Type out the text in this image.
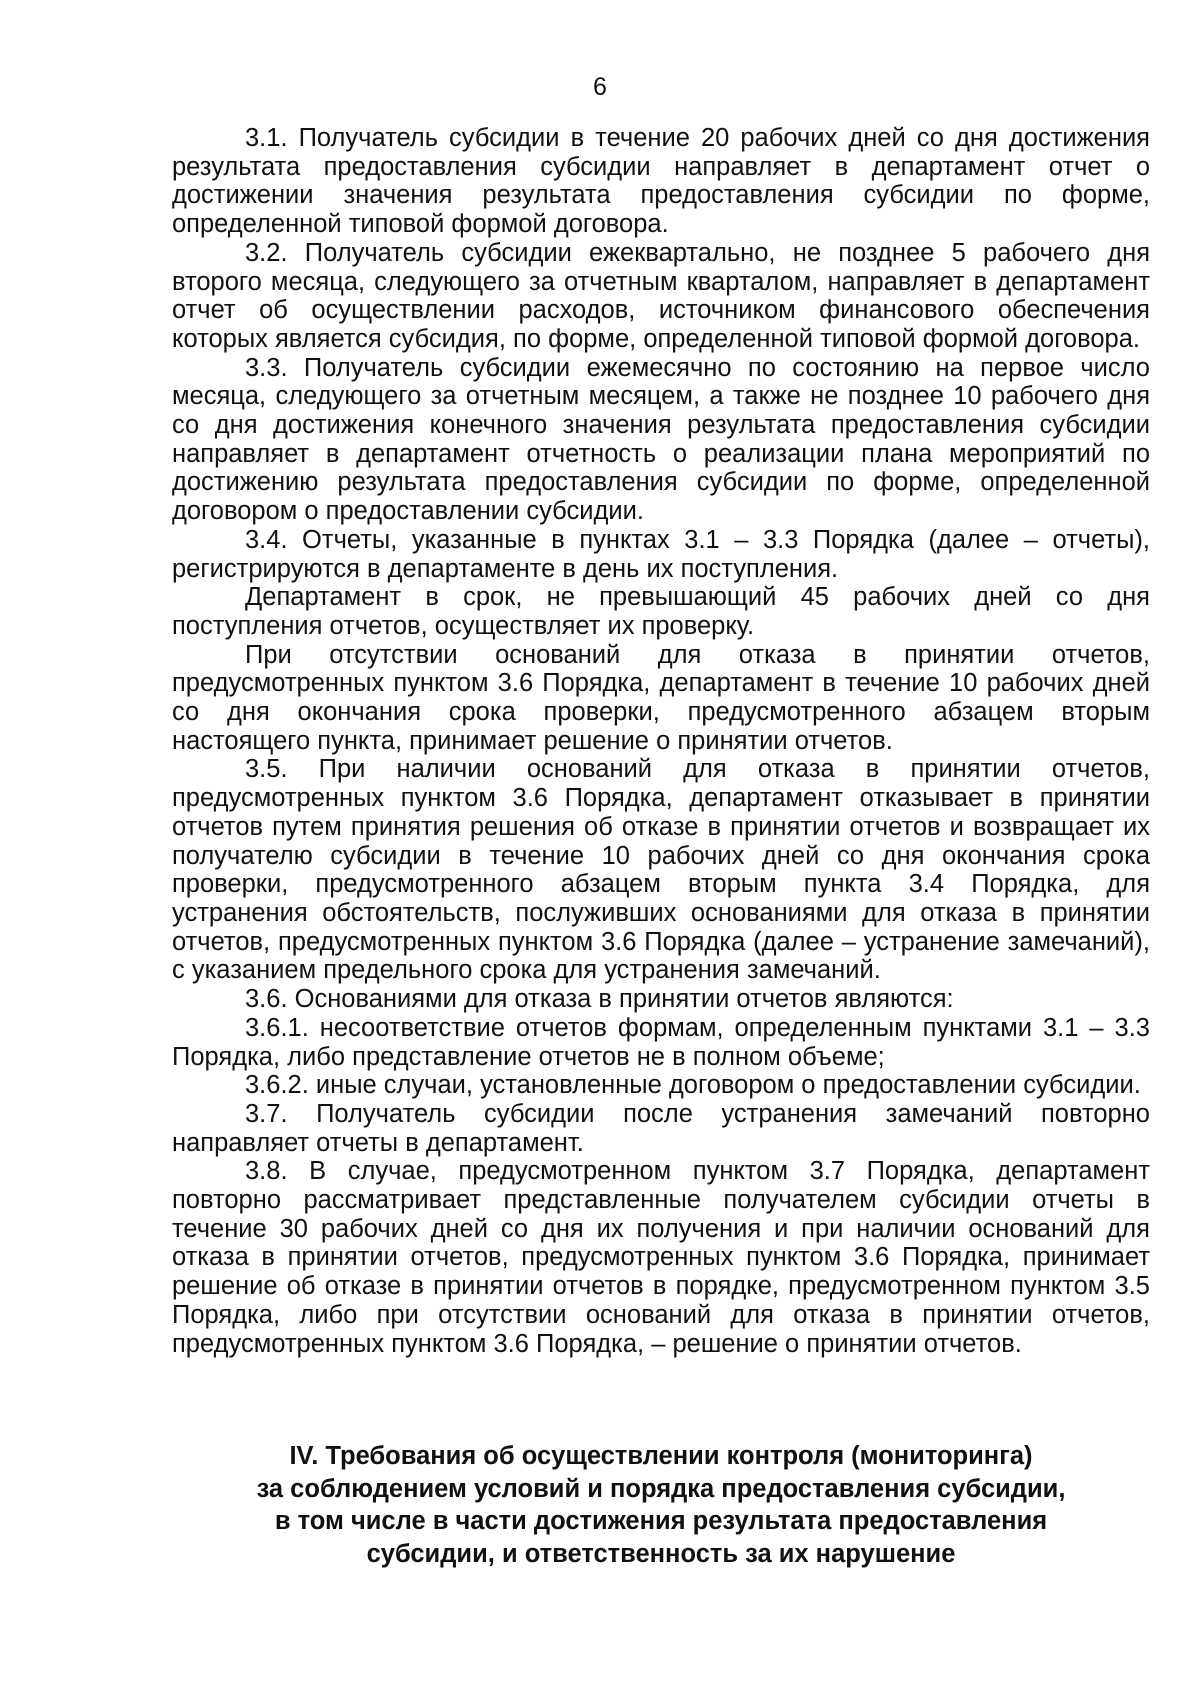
6

3.1. Получатель субсидии в течение 20 рабочих дней со дня достижения результата предоставления субсидии направляет в департамент отчет о достижении значения результата предоставления субсидии по форме, определенной типовой формой договора.

3.2. Получатель субсидии ежеквартально, не позднее 5 рабочего дня второго месяца, следующего за отчетным кварталом, направляет в департамент отчет об осуществлении расходов, источником финансового обеспечения которых является субсидия, по форме, определенной типовой формой договора.

3.3. Получатель субсидии ежемесячно по состоянию на первое число месяца, следующего за отчетным месяцем, а также не позднее 10 рабочего дня со дня достижения конечного значения результата предоставления субсидии направляет в департамент отчетность о реализации плана мероприятий по достижению результата предоставления субсидии по форме, определенной договором о предоставлении субсидии.

3.4. Отчеты, указанные в пунктах 3.1 – 3.3 Порядка (далее – отчеты), регистрируются в департаменте в день их поступления.

Департамент в срок, не превышающий 45 рабочих дней со дня поступления отчетов, осуществляет их проверку.

При отсутствии оснований для отказа в принятии отчетов, предусмотренных пунктом 3.6 Порядка, департамент в течение 10 рабочих дней со дня окончания срока проверки, предусмотренного абзацем вторым настоящего пункта, принимает решение о принятии отчетов.

3.5. При наличии оснований для отказа в принятии отчетов, предусмотренных пунктом 3.6 Порядка, департамент отказывает в принятии отчетов путем принятия решения об отказе в принятии отчетов и возвращает их получателю субсидии в течение 10 рабочих дней со дня окончания срока проверки, предусмотренного абзацем вторым пункта 3.4 Порядка, для устранения обстоятельств, послуживших основаниями для отказа в принятии отчетов, предусмотренных пунктом 3.6 Порядка (далее – устранение замечаний), с указанием предельного срока для устранения замечаний.

3.6. Основаниями для отказа в принятии отчетов являются:

3.6.1. несоответствие отчетов формам, определенным пунктами 3.1 – 3.3 Порядка, либо представление отчетов не в полном объеме;

3.6.2. иные случаи, установленные договором о предоставлении субсидии.

3.7. Получатель субсидии после устранения замечаний повторно направляет отчеты в департамент.

3.8. В случае, предусмотренном пунктом 3.7 Порядка, департамент повторно рассматривает представленные получателем субсидии отчеты в течение 30 рабочих дней со дня их получения и при наличии оснований для отказа в принятии отчетов, предусмотренных пунктом 3.6 Порядка, принимает решение об отказе в принятии отчетов в порядке, предусмотренном пунктом 3.5 Порядка, либо при отсутствии оснований для отказа в принятии отчетов, предусмотренных пунктом 3.6 Порядка, – решение о принятии отчетов.

IV. Требования об осуществлении контроля (мониторинга)
за соблюдением условий и порядка предоставления субсидии,
в том числе в части достижения результата предоставления
субсидии, и ответственность за их нарушение
